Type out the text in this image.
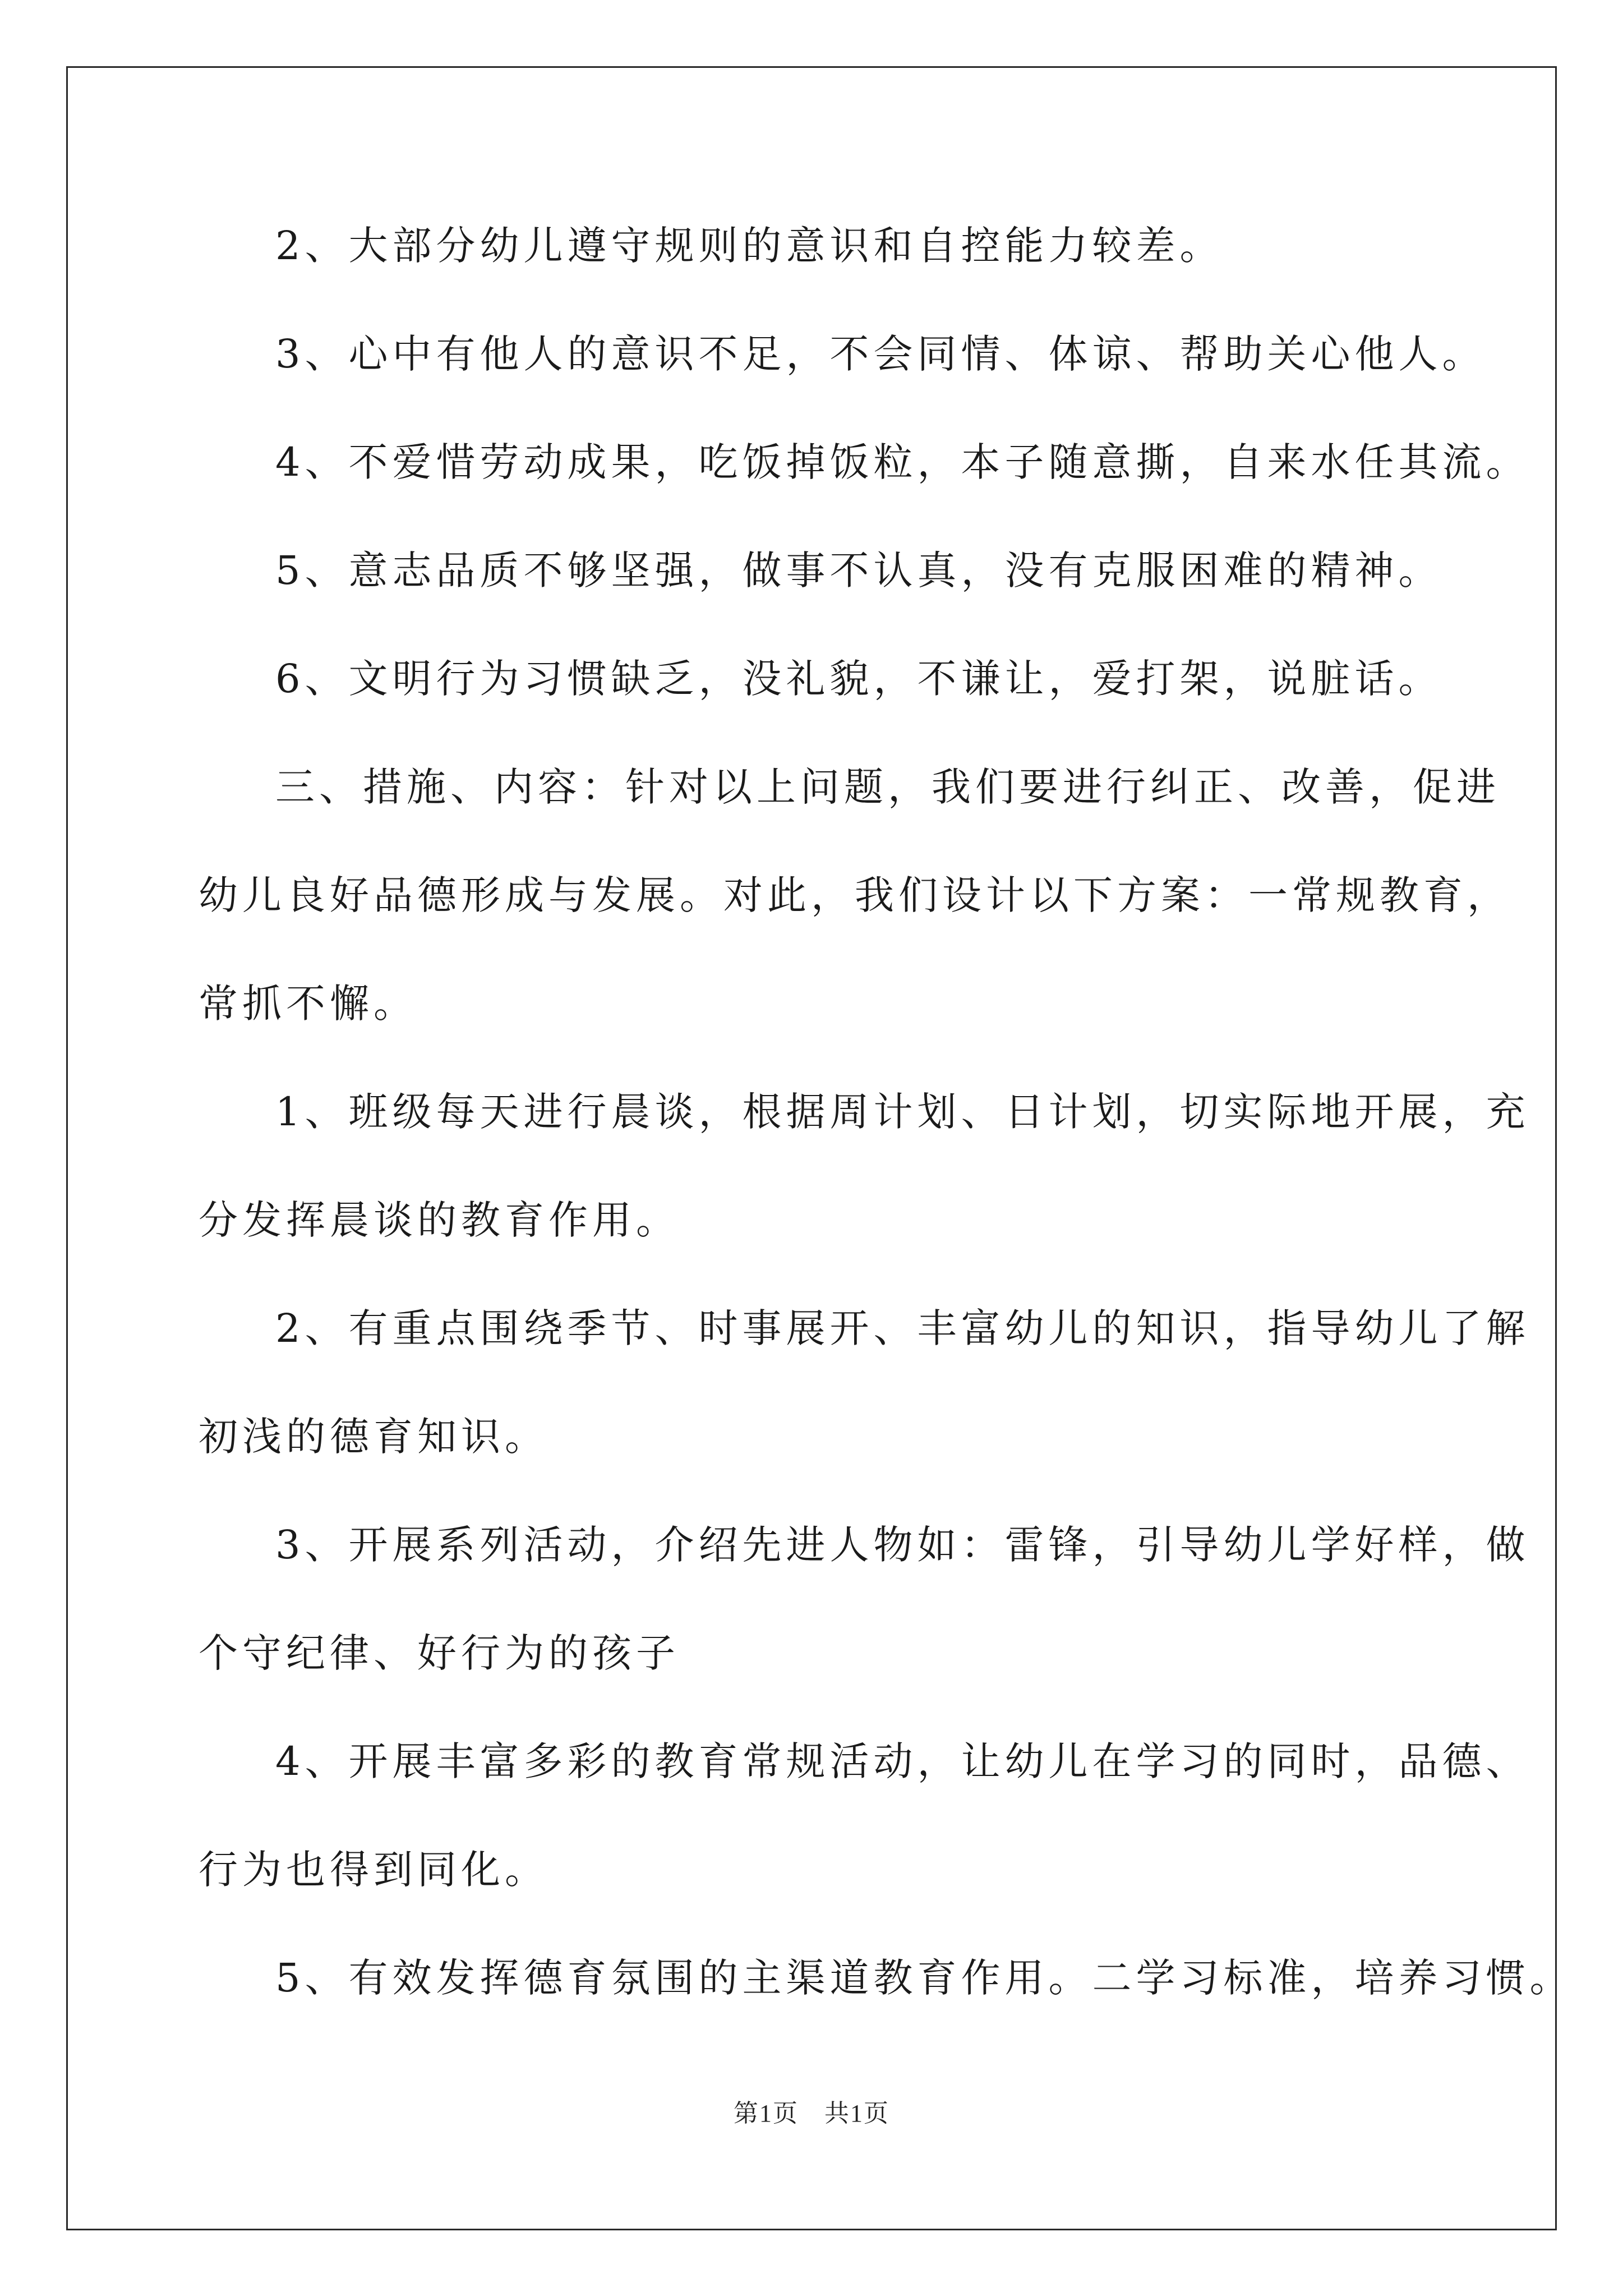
2、大部分幼儿遵守规则的意识和自控能力较差。
3、心中有他人的意识不足，不会同情、体谅、帮助关心他人。
4、不爱惜劳动成果，吃饭掉饭粒，本子随意撕，自来水任其流。
5、意志品质不够坚强，做事不认真，没有克服困难的精神。
6、文明行为习惯缺乏，没礼貌，不谦让，爱打架，说脏话。
三、措施、内容：针对以上问题，我们要进行纠正、改善，促进
幼儿良好品德形成与发展。对此，我们设计以下方案：一常规教育，
常抓不懈。
1、班级每天进行晨谈，根据周计划、日计划，切实际地开展，充
分发挥晨谈的教育作用。
2、有重点围绕季节、时事展开、丰富幼儿的知识，指导幼儿了解
初浅的德育知识。
3、开展系列活动，介绍先进人物如：雷锋，引导幼儿学好样，做
个守纪律、好行为的孩子
4、开展丰富多彩的教育常规活动，让幼儿在学习的同时，品德、
行为也得到同化。
5、有效发挥德育氛围的主渠道教育作用。二学习标准，培养习惯。
第1页　共1页
